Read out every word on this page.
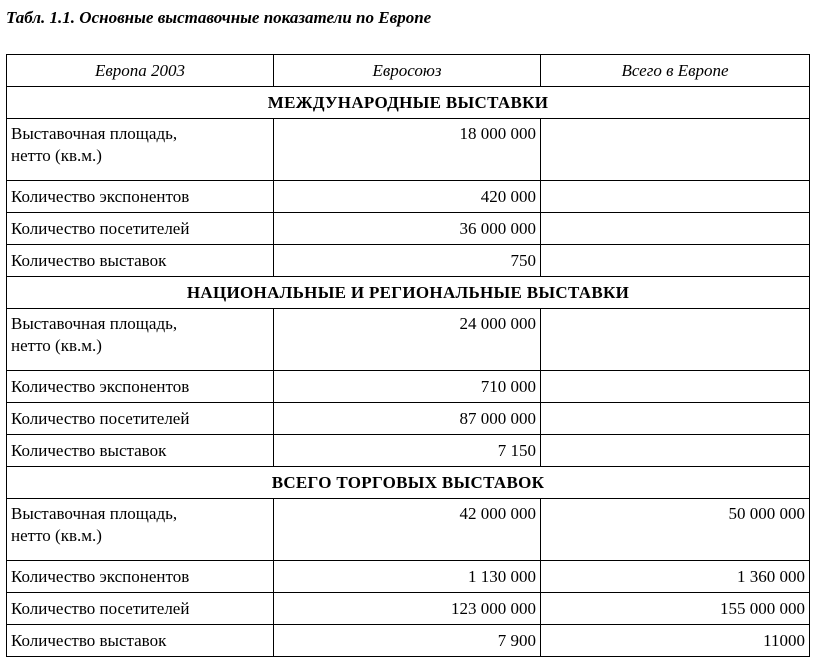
Табл. 1.1. Основные выставочные показатели по Европе
Европа 2003	Евросоюз	Всего в Европе
МЕЖДУНАРОДНЫЕ ВЫСТАВКИ		
Выставочная площадь,
нетто (кв.м.)	18 000 000	
Количество экспонентов	420 000	
Количество посетителей	36 000 000	
Количество выставок	750	
НАЦИОНАЛЬНЫЕ И РЕГИОНАЛЬНЫЕ ВЫСТАВКИ		
Выставочная площадь,
нетто (кв.м.)	24 000 000	
Количество экспонентов	710 000	
Количество посетителей	87 000 000	
Количество выставок	7 150	
ВСЕГО ТОРГОВЫХ ВЫСТАВОК		
Выставочная площадь,
нетто (кв.м.)	42 000 000	50 000 000
Количество экспонентов	1 130 000	1 360 000
Количество посетителей	123 000 000	155 000 000
Количество выставок	7 900	11000
